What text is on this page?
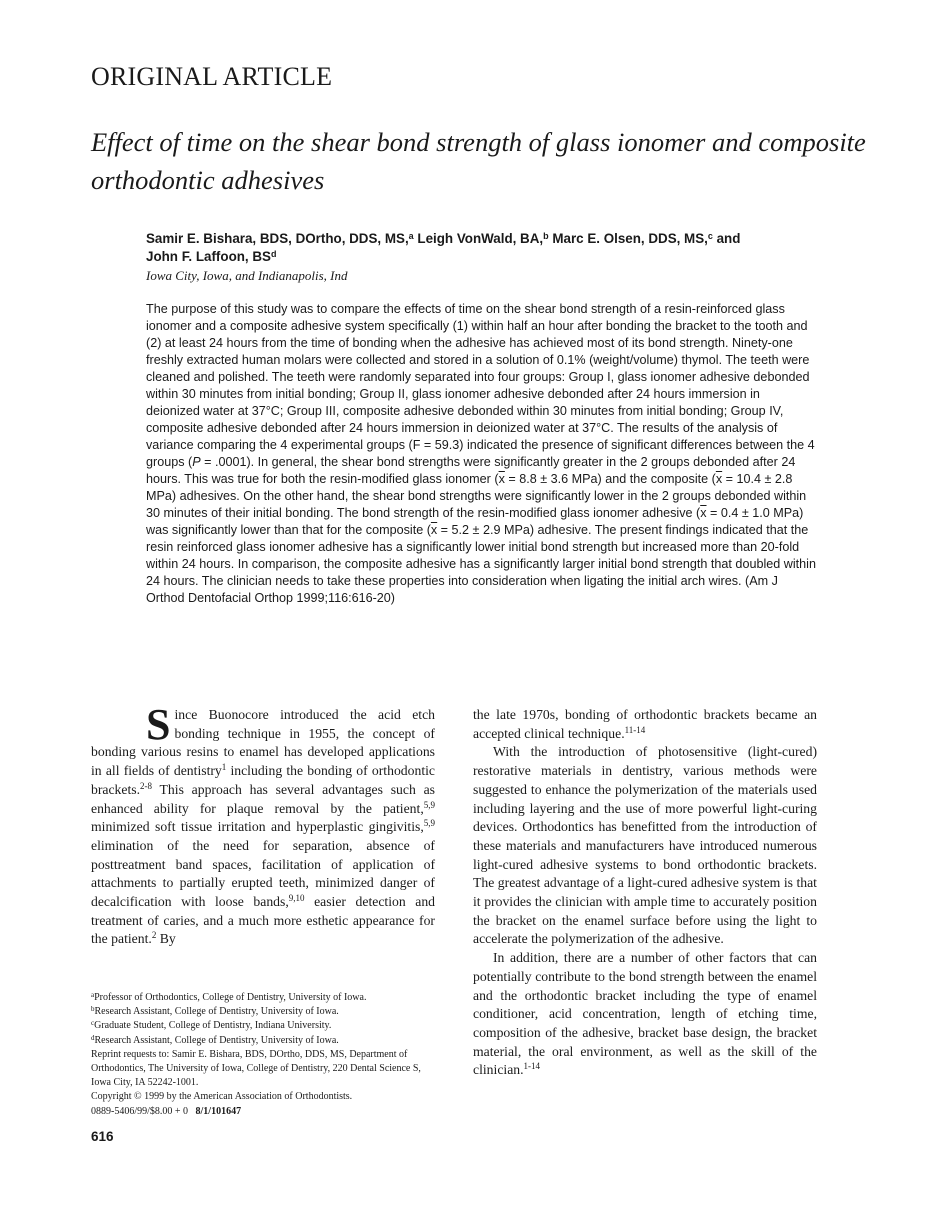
ORIGINAL ARTICLE
Effect of time on the shear bond strength of glass ionomer and composite orthodontic adhesives
Samir E. Bishara, BDS, DOrtho, DDS, MS,$^a$ Leigh VonWald, BA,$^b$ Marc E. Olsen, DDS, MS,$^c$ and
John F. Laffoon, $BS^d$
Iowa City, Iowa, and Indianapolis, Ind

The purpose of this study was to compare the effects of time on the shear bond strength of a resin-reinforced glass ionomer and a composite adhesive system specifically (1) within half an hour after bonding the bracket to the tooth and (2) at least 24 hours from the time of bonding when the adhesive has achieved most of its bond strength. Ninety-one freshly extracted human molars were collected and stored in a solution of 0.1% (weight/volume) thymol. The teeth were cleaned and polished. The teeth were randomly separated into four groups: Group I, glass ionomer adhesive debonded within 30 minutes from initial bonding; Group II, glass ionomer adhesive debonded after 24 hours immersion in deionized water at 37°C; Group III, composite adhesive debonded within 30 minutes from initial bonding; Group IV, composite adhesive debonded after 24 hours immersion in deionized water at 37°C. The results of the analysis of variance comparing the 4 experimental groups (F = 59.3) indicated the presence of significant differences between the 4 groups (P = .0001). In general, the shear bond strengths were significantly greater in the 2 groups debonded after 24 hours. This was true for both the resin-modified glass ionomer ($\overline{x} = 8.8 \pm 3.6$ MPa) and the composite ($\overline{x} = 10.4 \pm 2.8$ MPa) adhesives. On the other hand, the shear bond strengths were significantly lower in the 2 groups debonded within 30 minutes of their initial bonding. The bond strength of the resin-modified glass ionomer adhesive ($\overline{x} = 0.4 \pm 1.0$ MPa) was significantly lower than that for the composite ($\overline{x} = 5.2 \pm 2.9$ MPa) adhesive. The present findings indicated that the resin reinforced glass ionomer adhesive has a significantly lower initial bond strength but increased more than 20-fold within 24 hours. In comparison, the composite adhesive has a significantly larger initial bond strength that doubled within 24 hours. The clinician needs to take these properties into consideration when ligating the initial arch wires. (Am J Orthod Dentofacial Orthop 1999;116:616-20)

Since Buonocore introduced the acid etch bonding technique in 1955, the concept of bonding various resins to enamel has developed applications in all fields of dentistry$^1$ including the bonding of orthodontic brackets.$^{2-8}$ This approach has several advantages such as enhanced ability for plaque removal by the patient,$^{5,9}$ minimized soft tissue irritation and hyperplastic gingivitis,$^{5,9}$ elimination of the need for separation, absence of posttreatment band spaces, facilitation of application of attachments to partially erupted teeth, minimized danger of decalcification with loose bands,$^{9,10}$ easier detection and treatment of caries, and a much more esthetic appearance for the patient.$^2$ By

the late 1970s, bonding of orthodontic brackets became an accepted clinical technique.$^{11-14}$

With the introduction of photosensitive (light-cured) restorative materials in dentistry, various methods were suggested to enhance the polymerization of the materials used including layering and the use of more powerful light-curing devices. Orthodontics has benefitted from the introduction of these materials and manufacturers have introduced numerous light-cured adhesive systems to bond orthodontic brackets. The greatest advantage of a light-cured adhesive system is that it provides the clinician with ample time to accurately position the bracket on the enamel surface before using the light to accelerate the polymerization of the adhesive.

In addition, there are a number of other factors that can potentially contribute to the bond strength between the enamel and the orthodontic bracket including the type of enamel conditioner, acid concentration, length of etching time, composition of the adhesive, bracket base design, the bracket material, the oral environment, as well as the skill of the clinician.$^{1-14}$

$^a$Professor of Orthodontics, College of Dentistry, University of Iowa.

$^b$Research Assistant, College of Dentistry, University of Iowa.

$^c$Graduate Student, College of Dentistry, Indiana University.

$^d$Research Assistant, College of Dentistry, University of Iowa.

Reprint requests to: Samir E. Bishara, BDS, DOrtho, DDS, MS, Department of Orthodontics, The University of Iowa, College of Dentistry, 220 Dental Science S, Iowa City, IA 52242-1001.

Copyright © 1999 by the American Association of Orthodontists.

0889-5406/99/$8.00 + 0 8/1/101647

616
